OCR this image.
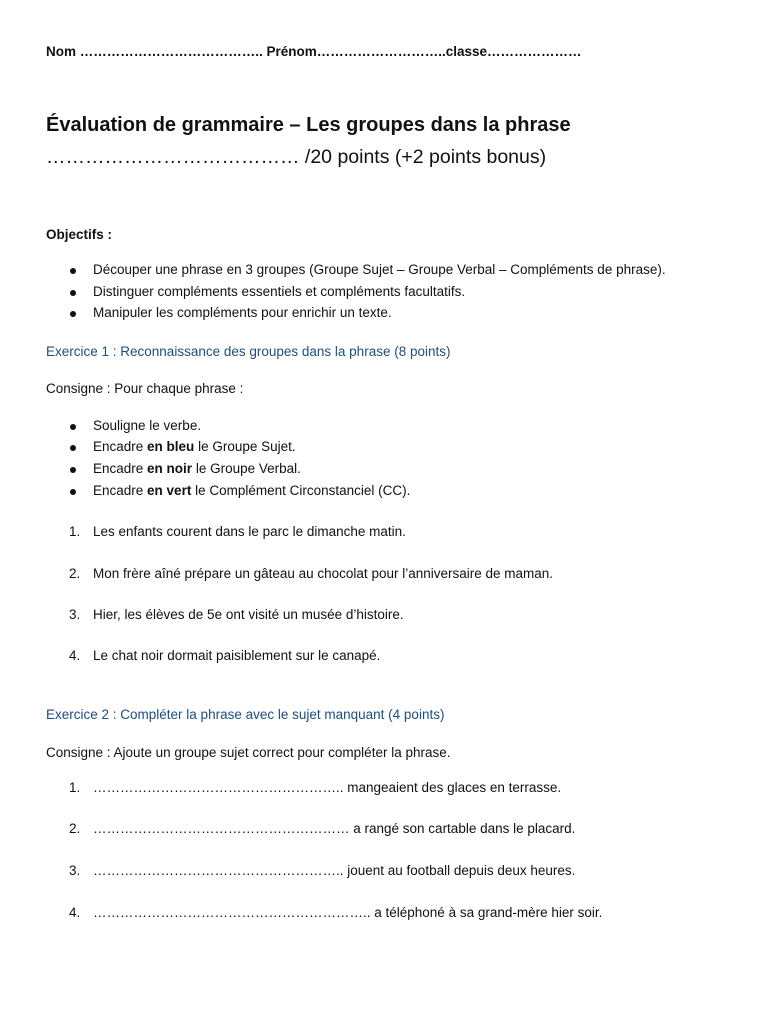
Nom ………………………………….. Prénom………………………..classe…………………
Évaluation de grammaire – Les groupes dans la phrase
………………………………… /20 points (+2 points bonus)
Objectifs :
Découper une phrase en 3 groupes (Groupe Sujet – Groupe Verbal – Compléments de phrase).
Distinguer compléments essentiels et compléments facultatifs.
Manipuler les compléments pour enrichir un texte.
Exercice 1 : Reconnaissance des groupes dans la phrase (8 points)
Consigne : Pour chaque phrase :
Souligne le verbe.
Encadre en bleu le Groupe Sujet.
Encadre en noir le Groupe Verbal.
Encadre en vert le Complément Circonstanciel (CC).
1. Les enfants courent dans le parc le dimanche matin.
2. Mon frère aîné prépare un gâteau au chocolat pour l’anniversaire de maman.
3. Hier, les élèves de 5e ont visité un musée d’histoire.
4. Le chat noir dormait paisiblement sur le canapé.
Exercice 2 : Compléter la phrase avec le sujet manquant (4 points)
Consigne : Ajoute un groupe sujet correct pour compléter la phrase.
1. ……………………………………………….. mangeaient des glaces en terrasse.
2. ………………………………………………… a rangé son cartable dans le placard.
3. ……………………………………………….. jouent au football depuis deux heures.
4. …………………………………………………….. a téléphoné à sa grand-mère hier soir.
